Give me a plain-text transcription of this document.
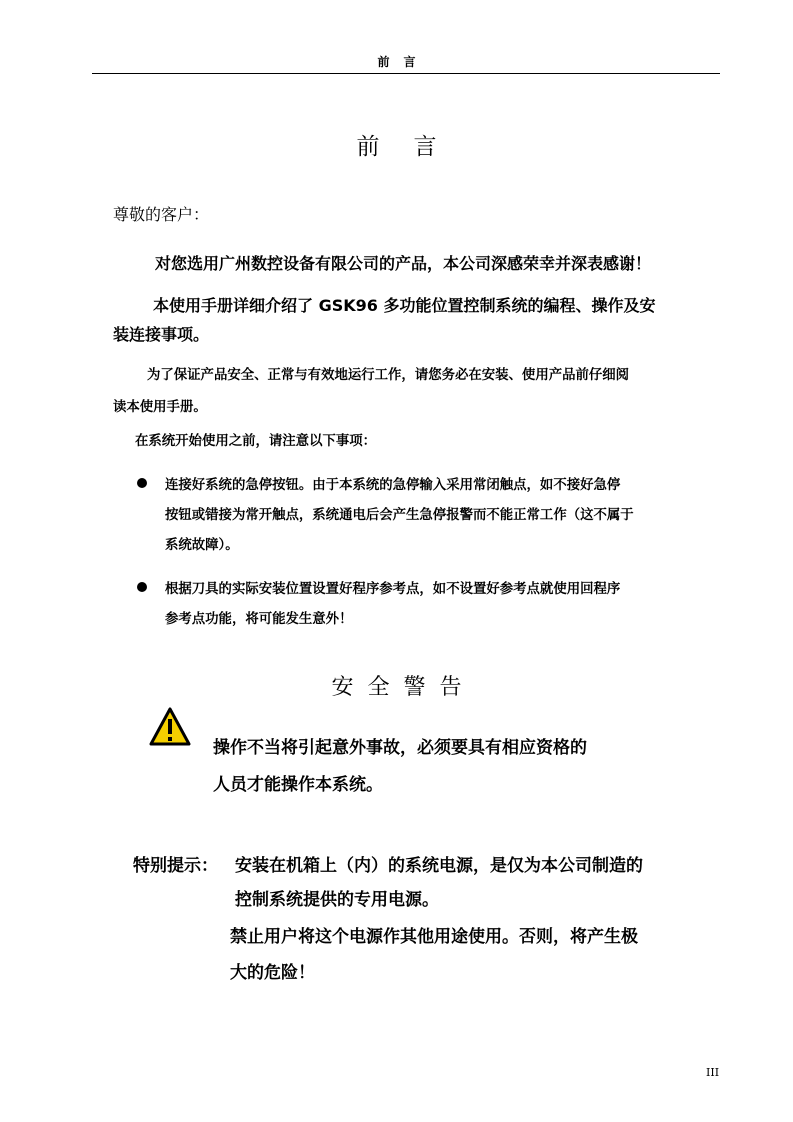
前言
前言
尊敬的客户：
对您选用广州数控设备有限公司的产品，本公司深感荣幸并深表感谢！
本使用手册详细介绍了 GSK96 多功能位置控制系统的编程、操作及安
装连接事项。
为了保证产品安全、正常与有效地运行工作，请您务必在安装、使用产品前仔细阅
读本使用手册。
在系统开始使用之前，请注意以下事项：
连接好系统的急停按钮。由于本系统的急停输入采用常闭触点，如不接好急停
按钮或错接为常开触点，系统通电后会产生急停报警而不能正常工作（这不属于
系统故障）。
根据刀具的实际安装位置设置好程序参考点，如不设置好参考点就使用回程序
参考点功能，将可能发生意外！
安全警告
操作不当将引起意外事故，必须要具有相应资格的
人员才能操作本系统。
特别提示： 安装在机箱上（内）的系统电源，是仅为本公司制造的
控制系统提供的专用电源。
禁止用户将这个电源作其他用途使用。否则，将产生极
大的危险！
III
